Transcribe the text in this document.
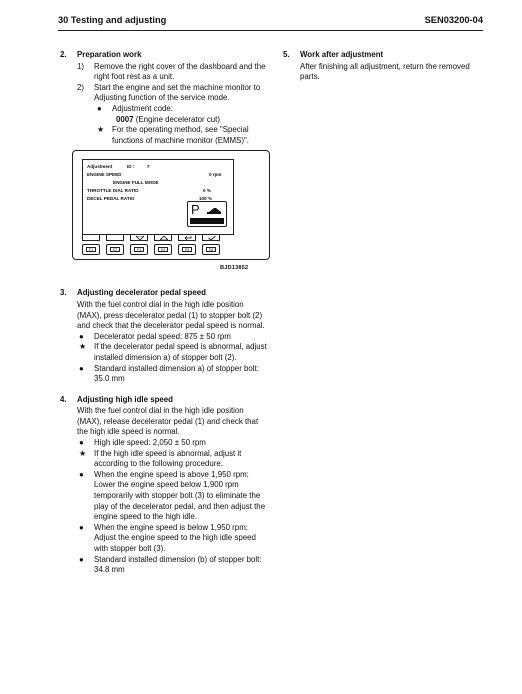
30 Testing and adjusting	SEN03200-04
2. Preparation work
1) Remove the right cover of the dashboard and the right foot rest as a unit.
2) Start the engine and set the machine monitor to Adjusting function of the service mode.
● Adjustment code:
0007 (Engine decelerator cut)
★ For the operating method, see "Special functions of machine monitor (EMMS)".
Adjustment	ID :	7
ENGINE SPEED	0 rpm
ENGINE FULL MODE
THROTTLE DIAL RATIO	0 %
DECEL PEDAL RATIO	100 %
P
F1	F2	F3	F4	F5	F6
BJD13852
3. Adjusting decelerator pedal speed
With the fuel control dial in the high idle position (MAX), press decelerator pedal (1) to stopper bolt (2) and check that the decelerator pedal speed is normal.
● Decelerator pedal speed: 875 ± 50 rpm
★ If the decelerator pedal speed is abnormal, adjust installed dimension a) of stopper bolt (2).
● Standard installed dimension a) of stopper bolt: 35.0 mm
4. Adjusting high idle speed
With the fuel control dial in the high idle position (MAX), release decelerator pedal (1) and check that the high idle speed is normal.
● High idle speed: 2,050 ± 50 rpm
★ If the high idle speed is abnormal, adjust it according to the following procedure.
● When the engine speed is above 1,950 rpm:
Lower the engine speed below 1,900 rpm temporarily with stopper bolt (3) to eliminate the play of the decelerator pedal, and then adjust the engine speed to the high idle.
● When the engine speed is below 1,950 rpm:
Adjust the engine speed to the high idle speed with stopper bolt (3).
● Standard installed dimension (b) of stopper bolt: 34.8 mm
5. Work after adjustment
After finishing all adjustment, return the removed parts.
